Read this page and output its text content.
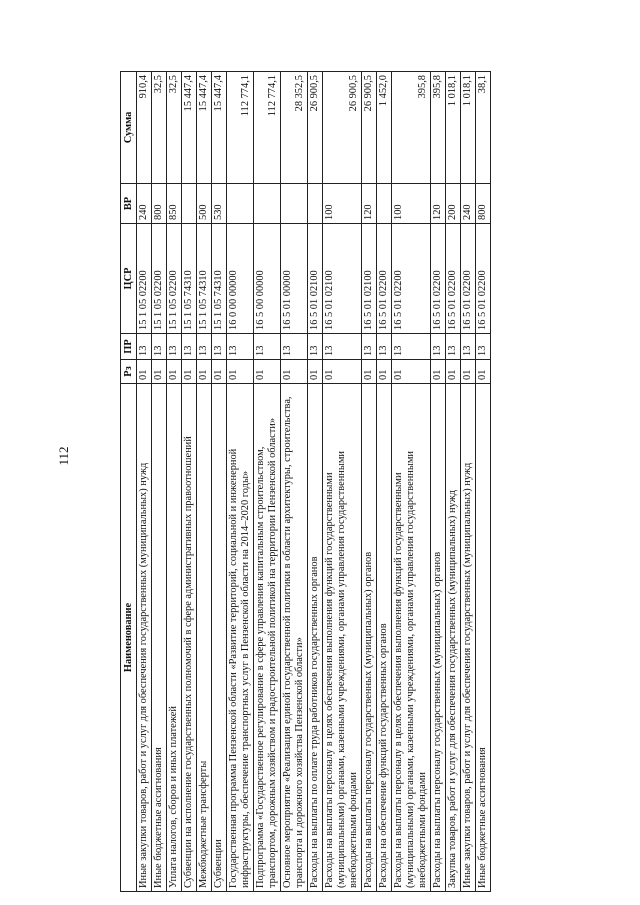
112
Наименование	Рз	ПР	ЦСР	ВР	Сумма
Иные закупки товаров, работ и услуг для обеспечения государственных (муниципальных) нужд	01	13	15 1 05 02200	240	910,4
Иные бюджетные ассигнования	01	13	15 1 05 02200	800	32,5
Уплата налогов, сборов и иных платежей	01	13	15 1 05 02200	850	32,5
Субвенции на исполнение государственных полномочий в сфере административных правоотношений	01	13	15 1 05 74310		15 447,4
Межбюджетные трансферты	01	13	15 1 05 74310	500	15 447,4
Субвенции	01	13	15 1 05 74310	530	15 447,4
Государственная программа Пензенской области «Развитие территорий, социальной и инженерной инфраструктуры, обеспечение транспортных услуг в Пензенской области на 2014–2020 годы»	01	13	16 0 00 00000		112 774,1
Подпрограмма «Государственное регулирование в сфере управления капитальным строительством, транспортом, дорожным хозяйством и градостроительной политикой на территории Пензенской области»	01	13	16 5 00 00000		112 774,1
Основное мероприятие «Реализация единой государственной политики в области архитектуры, строительства, транспорта и дорожного хозяйства Пензенской области»	01	13	16 5 01 00000		28 352,5
Расходы на выплаты по оплате труда работников государственных органов	01	13	16 5 01 02100		26 900,5
Расходы на выплаты персоналу в целях обеспечения выполнения функций государственными (муниципальными) органами, казенными учреждениями, органами управления государственными внебюджетными фондами	01	13	16 5 01 02100	100	26 900,5
Расходы на выплаты персоналу государственных (муниципальных) органов	01	13	16 5 01 02100	120	26 900,5
Расходы на обеспечение функций государственных органов	01	13	16 5 01 02200		1 452,0
Расходы на выплаты персоналу в целях обеспечения выполнения функций государственными (муниципальными) органами, казенными учреждениями, органами управления государственными внебюджетными фондами	01	13	16 5 01 02200	100	395,8
Расходы на выплаты персоналу государственных (муниципальных) органов	01	13	16 5 01 02200	120	395,8
Закупка товаров, работ и услуг для обеспечения государственных (муниципальных) нужд	01	13	16 5 01 02200	200	1 018,1
Иные закупки товаров, работ и услуг для обеспечения государственных (муниципальных) нужд	01	13	16 5 01 02200	240	1 018,1
Иные бюджетные ассигнования	01	13	16 5 01 02200	800	38,1
